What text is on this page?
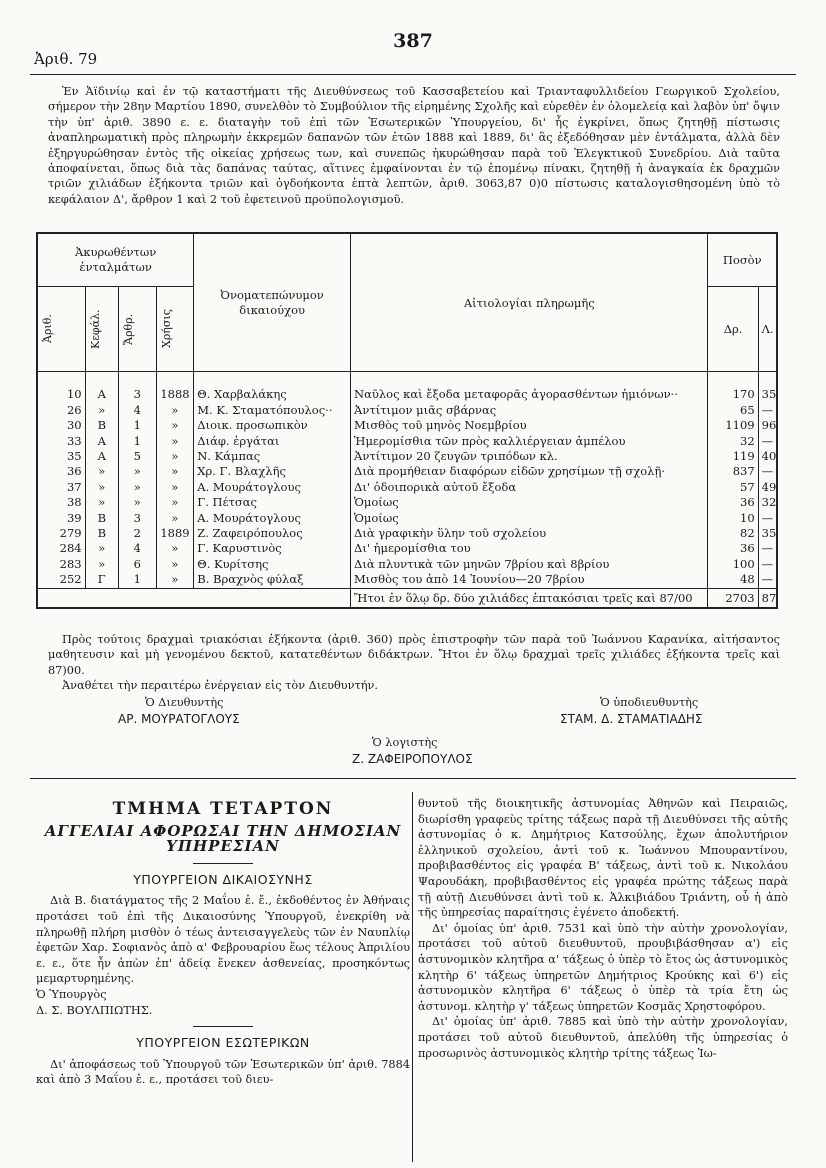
Ἀριθ. 79
387

Ἐν Ἀϊδινίῳ καὶ ἐν τῷ καταστήματι τῆς Διευθύνσεως τοῦ Κασσαβετείου καὶ Τριανταφυλλιδείου Γεωργικοῦ Σχολείου, σήμερον τὴν 28ην Μαρτίου 1890, συνελθὸν τὸ Συμβούλιον τῆς εἰρημένης Σχολῆς καὶ εὑρεθὲν ἐν ὁλομελείᾳ καὶ λαβὸν ὑπ' ὄψιν τὴν ὑπ' ἀριθ. 3890 ε. ε. διαταγὴν τοῦ ἐπὶ τῶν Ἐσωτερικῶν Ὑπουργείου, δι' ἧς ἐγκρίνει, ὅπως ζητηθῇ πίστωσις ἀναπληρωματικὴ πρὸς πληρωμὴν ἐκκρεμῶν δαπανῶν τῶν ἐτῶν 1888 καὶ 1889, δι' ἃς ἐξεδόθησαν μὲν ἐντάλματα, ἀλλὰ δὲν ἐξηργυρώθησαν ἐντὸς τῆς οἰκείας χρήσεως των, καὶ συνεπῶς ἠκυρώθησαν παρὰ τοῦ Ἐλεγκτικοῦ Συνεδρίου. Διὰ ταῦτα ἀποφαίνεται, ὅπως διὰ τὰς δαπάνας ταύτας, αἵτινες ἐμφαίνονται ἐν τῷ ἑπομένῳ πίνακι, ζητηθῇ ἡ ἀναγκαία ἐκ δραχμῶν τριῶν χιλιάδων ἑξήκοντα τριῶν καὶ ὀγδοήκοντα ἑπτὰ λεπτῶν, ἀριθ. 3063,87 0)0 πίστωσις καταλογισθησομένη ὑπὸ τὸ κεφάλαιον Δ', ἄρθρον 1 καὶ 2 τοῦ ἐφετεινοῦ προϋπολογισμοῦ.

Ἀκυρωθέντων ἐνταλμάτων				Ὀνοματεπώνυμον δικαιούχου	Αἰτιολογίαι πληρωμῆς	Ποσὸν	

Ἀριθ.	Κεφάλ.	Ἄρθρ.	Χρήσις			Δρ.	Λ.

10	Α	3	1888	Θ. Χαρβαλάκης	Ναῦλος καὶ ἔξοδα μεταφορᾶς ἀγορασθέντων ἡμιόνων··	170	35
26	»	4	»	Μ. Κ. Σταματόπουλος··	Ἀντίτιμον μιᾶς σβάρνας	65	—
30	Β	1	»	Διοικ. προσωπικὸν	Μισθὸς τοῦ μηνὸς Νοεμβρίου	1109	96
33	Α	1	»	Διάφ. ἐργάται	Ἡμερομίσθια τῶν πρὸς καλλιέργειαν ἀμπέλου	32	—
35	Α	5	»	Ν. Κάμπας	Ἀντίτιμον 20 ζευγῶν τριπόδων κλ.	119	40
36	»	»	»	Χρ. Γ. Βλαχλῆς	Διὰ προμήθειαν διαφόρων εἰδῶν χρησίμων τῇ σχολῇ·	837	—
37	»	»	»	Α. Μουράτογλους	Δι' ὁδοιπορικὰ αὐτοῦ ἔξοδα	57	49
38	»	»	»	Γ. Πέτσας	Ὁμοίως	36	32
39	Β	3	»	Α. Μουράτογλους	Ὁμοίως	10	—
279	Β	2	1889	Ζ. Ζαφειρόπουλος	Διὰ γραφικὴν ὕλην τοῦ σχολείου	82	35
284	»	4	»	Γ. Καρυστινὸς	Δι' ἡμερομίσθια του	36	—
283	»	6	»	Θ. Κυρίτσης	Διὰ πλυντικὰ τῶν μηνῶν 7βρίου καὶ 8βρίου	100	—
252	Γ	1	»	Β. Βραχνὸς φύλαξ	Μισθὸς του ἀπὸ 14 Ἰουνίου—20 7βρίου	48	—
					Ἤτοι ἐν ὅλῳ δρ. δύο χιλιάδες ἑπτακόσιαι τρεῖς καὶ 87/00	2703	87

Πρὸς τούτοις δραχμαὶ τριακόσιαι ἑξήκοντα (ἀριθ. 360) πρὸς ἐπιστροφὴν τῶν παρὰ τοῦ Ἰωάννου Καρανίκα, αἰτήσαντος μαθητευσιν καὶ μὴ γενομένου δεκτοῦ, κατατεθέντων διδάκτρων. Ἤτοι ἐν ὅλῳ δραχμαὶ τρεῖς χιλιάδες ἑξήκοντα τρεῖς καὶ 87)00.

Ἀναθέτει τὴν περαιτέρω ἐνέργειαν εἰς τὸν Διευθυντήν.

Ὁ Διευθυντὴς
ΑΡ. ΜΟΥΡΑΤΟΓΛΟΥΣ
Ὁ ὑποδιευθυντὴς
ΣΤΑΜ. Δ. ΣΤΑΜΑΤΙΑΔΗΣ
Ὁ λογιστὴς
Ζ. ΖΑΦΕΙΡΟΠΟΥΛΟΣ
ΤΜΗΜΑ ΤΕΤΑΡΤΟΝ
ΑΓΓΕΛΙΑΙ ΑΦΟΡΩΣΑΙ ΤΗΝ ΔΗΜΟΣΙΑΝ ΥΠΗΡΕΣΙΑΝ
ΥΠΟΥΡΓΕΙΟΝ ΔΙΚΑΙΟΣΥΝΗΣ

Διὰ Β. διατάγματος τῆς 2 Μαΐου ἐ. ἔ., ἐκδοθέντος ἐν Ἀθήναις προτάσει τοῦ ἐπὶ τῆς Δικαιοσύνης Ὑπουργοῦ, ἐνεκρίθη νὰ πληρωθῇ πλήρη μισθὸν ὁ τέως ἀντεισαγγελεὺς τῶν ἐν Ναυπλίῳ ἐφετῶν Χαρ. Σοφιανὸς ἀπὸ α' Φεβρουαρίου ἕως τέλους Ἀπριλίου ε. ε., ὅτε ἦν ἀπὼν ἐπ' ἀδείᾳ ἕνεκεν ἀσθενείας, προσηκόντως μεμαρτυρημένης.

Ὁ Ὑπουργὸς

Δ. Σ. ΒΟΥΛΠΙΩΤΗΣ.

ΥΠΟΥΡΓΕΙΟΝ ΕΣΩΤΕΡΙΚΩΝ

Δι' ἀποφάσεως τοῦ Ὑπουργοῦ τῶν Ἐσωτερικῶν ὑπ' ἀριθ. 7884 καὶ ἀπὸ 3 Μαΐου ἐ. ε., προτάσει τοῦ διευ-

θυντοῦ τῆς διοικητικῆς ἀστυνομίας Ἀθηνῶν καὶ Πειραιῶς, διωρίσθη γραφεὺς τρίτης τάξεως παρὰ τῇ Διευθύνσει τῆς αὐτῆς ἀστυνομίας ὁ κ. Δημήτριος Κατσούλης, ἔχων ἀπολυτήριον ἑλληνικοῦ σχολείου, ἀντὶ τοῦ κ. Ἰωάννου Μπουραντίνου, προβιβασθέντος εἰς γραφέα Β' τάξεως, ἀντὶ τοῦ κ. Νικολάου Ψαρουδάκη, προβιβασθέντος εἰς γραφέα πρώτης τάξεως παρὰ τῇ αὐτῇ Διευθύνσει ἀντὶ τοῦ κ. Ἀλκιβιάδου Τριάντη, οὗ ἡ ἀπὸ τῆς ὑπηρεσίας παραίτησις ἐγένετο ἀποδεκτή.

Δι' ὁμοίας ὑπ' ἀριθ. 7531 καὶ ὑπὸ τὴν αὐτὴν χρονολογίαν, προτάσει τοῦ αὐτοῦ διευθυντοῦ, προυβιβάσθησαν α') εἰς ἀστυνομικὸν κλητῆρα α' τάξεως ὁ ὑπὲρ τὸ ἔτος ὡς ἀστυνομικὸς κλητὴρ 6' τάξεως ὑπηρετῶν Δημήτριος Κρούκης καὶ 6') εἰς ἀστυνομικὸν κλητῆρα 6' τάξεως ὁ ὑπὲρ τὰ τρία ἔτη ὡς ἀστυνομ. κλητὴρ γ' τάξεως ὑπηρετῶν Κοσμᾶς Χρηστοφόρου.

Δι' ὁμοίας ὑπ' ἀριθ. 7885 καὶ ὑπὸ τὴν αὐτὴν χρονολογίαν, προτάσει τοῦ αὐτοῦ διευθυντοῦ, ἀπελύθη τῆς ὑπηρεσίας ὁ προσωρινὸς ἀστυνομικὸς κλητὴρ τρίτης τάξεως Ἰω-
